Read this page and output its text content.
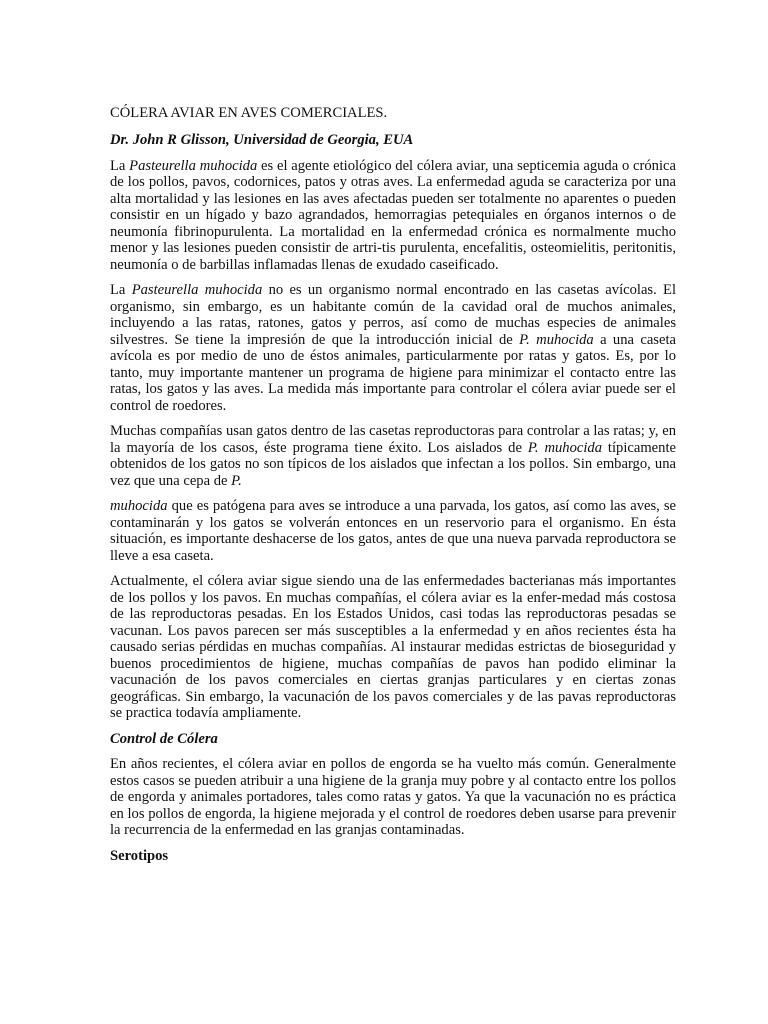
CÓLERA AVIAR EN AVES COMERCIALES.
Dr. John R Glisson, Universidad de Georgia, EUA

La Pasteurella muhocida es el agente etiológico del cólera aviar, una septicemia aguda o crónica de los pollos, pavos, codornices, patos y otras aves. La enfermedad aguda se caracteriza por una alta mortalidad y las lesiones en las aves afectadas pueden ser totalmente no aparentes o pueden consistir en un hígado y bazo agrandados, hemorragias petequiales en órganos internos o de neumonía fibrinopurulenta. La mortalidad en la enfermedad crónica es normalmente mucho menor y las lesiones pueden consistir de artri-tis purulenta, encefalitis, osteomielitis, peritonitis, neumonía o de barbillas inflamadas llenas de exudado caseificado.

La Pasteurella muhocida no es un organismo normal encontrado en las casetas avícolas. El organismo, sin embargo, es un habitante común de la cavidad oral de muchos animales, incluyendo a las ratas, ratones, gatos y perros, así como de muchas especies de animales silvestres. Se tiene la impresión de que la introducción inicial de P. muhocida a una caseta avícola es por medio de uno de éstos animales, particularmente por ratas y gatos. Es, por lo tanto, muy importante mantener un programa de higiene para minimizar el contacto entre las ratas, los gatos y las aves. La medida más importante para controlar el cólera aviar puede ser el control de roedores.

Muchas compañías usan gatos dentro de las casetas reproductoras para controlar a las ratas; y, en la mayoría de los casos, éste programa tiene éxito. Los aislados de P. muhocida típicamente obtenidos de los gatos no son típicos de los aislados que infectan a los pollos. Sin embargo, una vez que una cepa de P.

muhocida que es patógena para aves se introduce a una parvada, los gatos, así como las aves, se contaminarán y los gatos se volverán entonces en un reservorio para el organismo. En ésta situación, es importante deshacerse de los gatos, antes de que una nueva parvada reproductora se lleve a esa caseta.

Actualmente, el cólera aviar sigue siendo una de las enfermedades bacterianas más importantes de los pollos y los pavos. En muchas compañías, el cólera aviar es la enfer-medad más costosa de las reproductoras pesadas. En los Estados Unidos, casi todas las reproductoras pesadas se vacunan. Los pavos parecen ser más susceptibles a la enfermedad y en años recientes ésta ha causado serias pérdidas en muchas compañías. Al instaurar medidas estrictas de bioseguridad y buenos procedimientos de higiene, muchas compañías de pavos han podido eliminar la vacunación de los pavos comerciales en ciertas granjas particulares y en ciertas zonas geográficas. Sin embargo, la vacunación de los pavos comerciales y de las pavas reproductoras se practica todavía ampliamente.

Control de Cólera

En años recientes, el cólera aviar en pollos de engorda se ha vuelto más común. Generalmente estos casos se pueden atribuir a una higiene de la granja muy pobre y al contacto entre los pollos de engorda y animales portadores, tales como ratas y gatos. Ya que la vacunación no es práctica en los pollos de engorda, la higiene mejorada y el control de roedores deben usarse para prevenir la recurrencia de la enfermedad en las granjas contaminadas.

Serotipos
